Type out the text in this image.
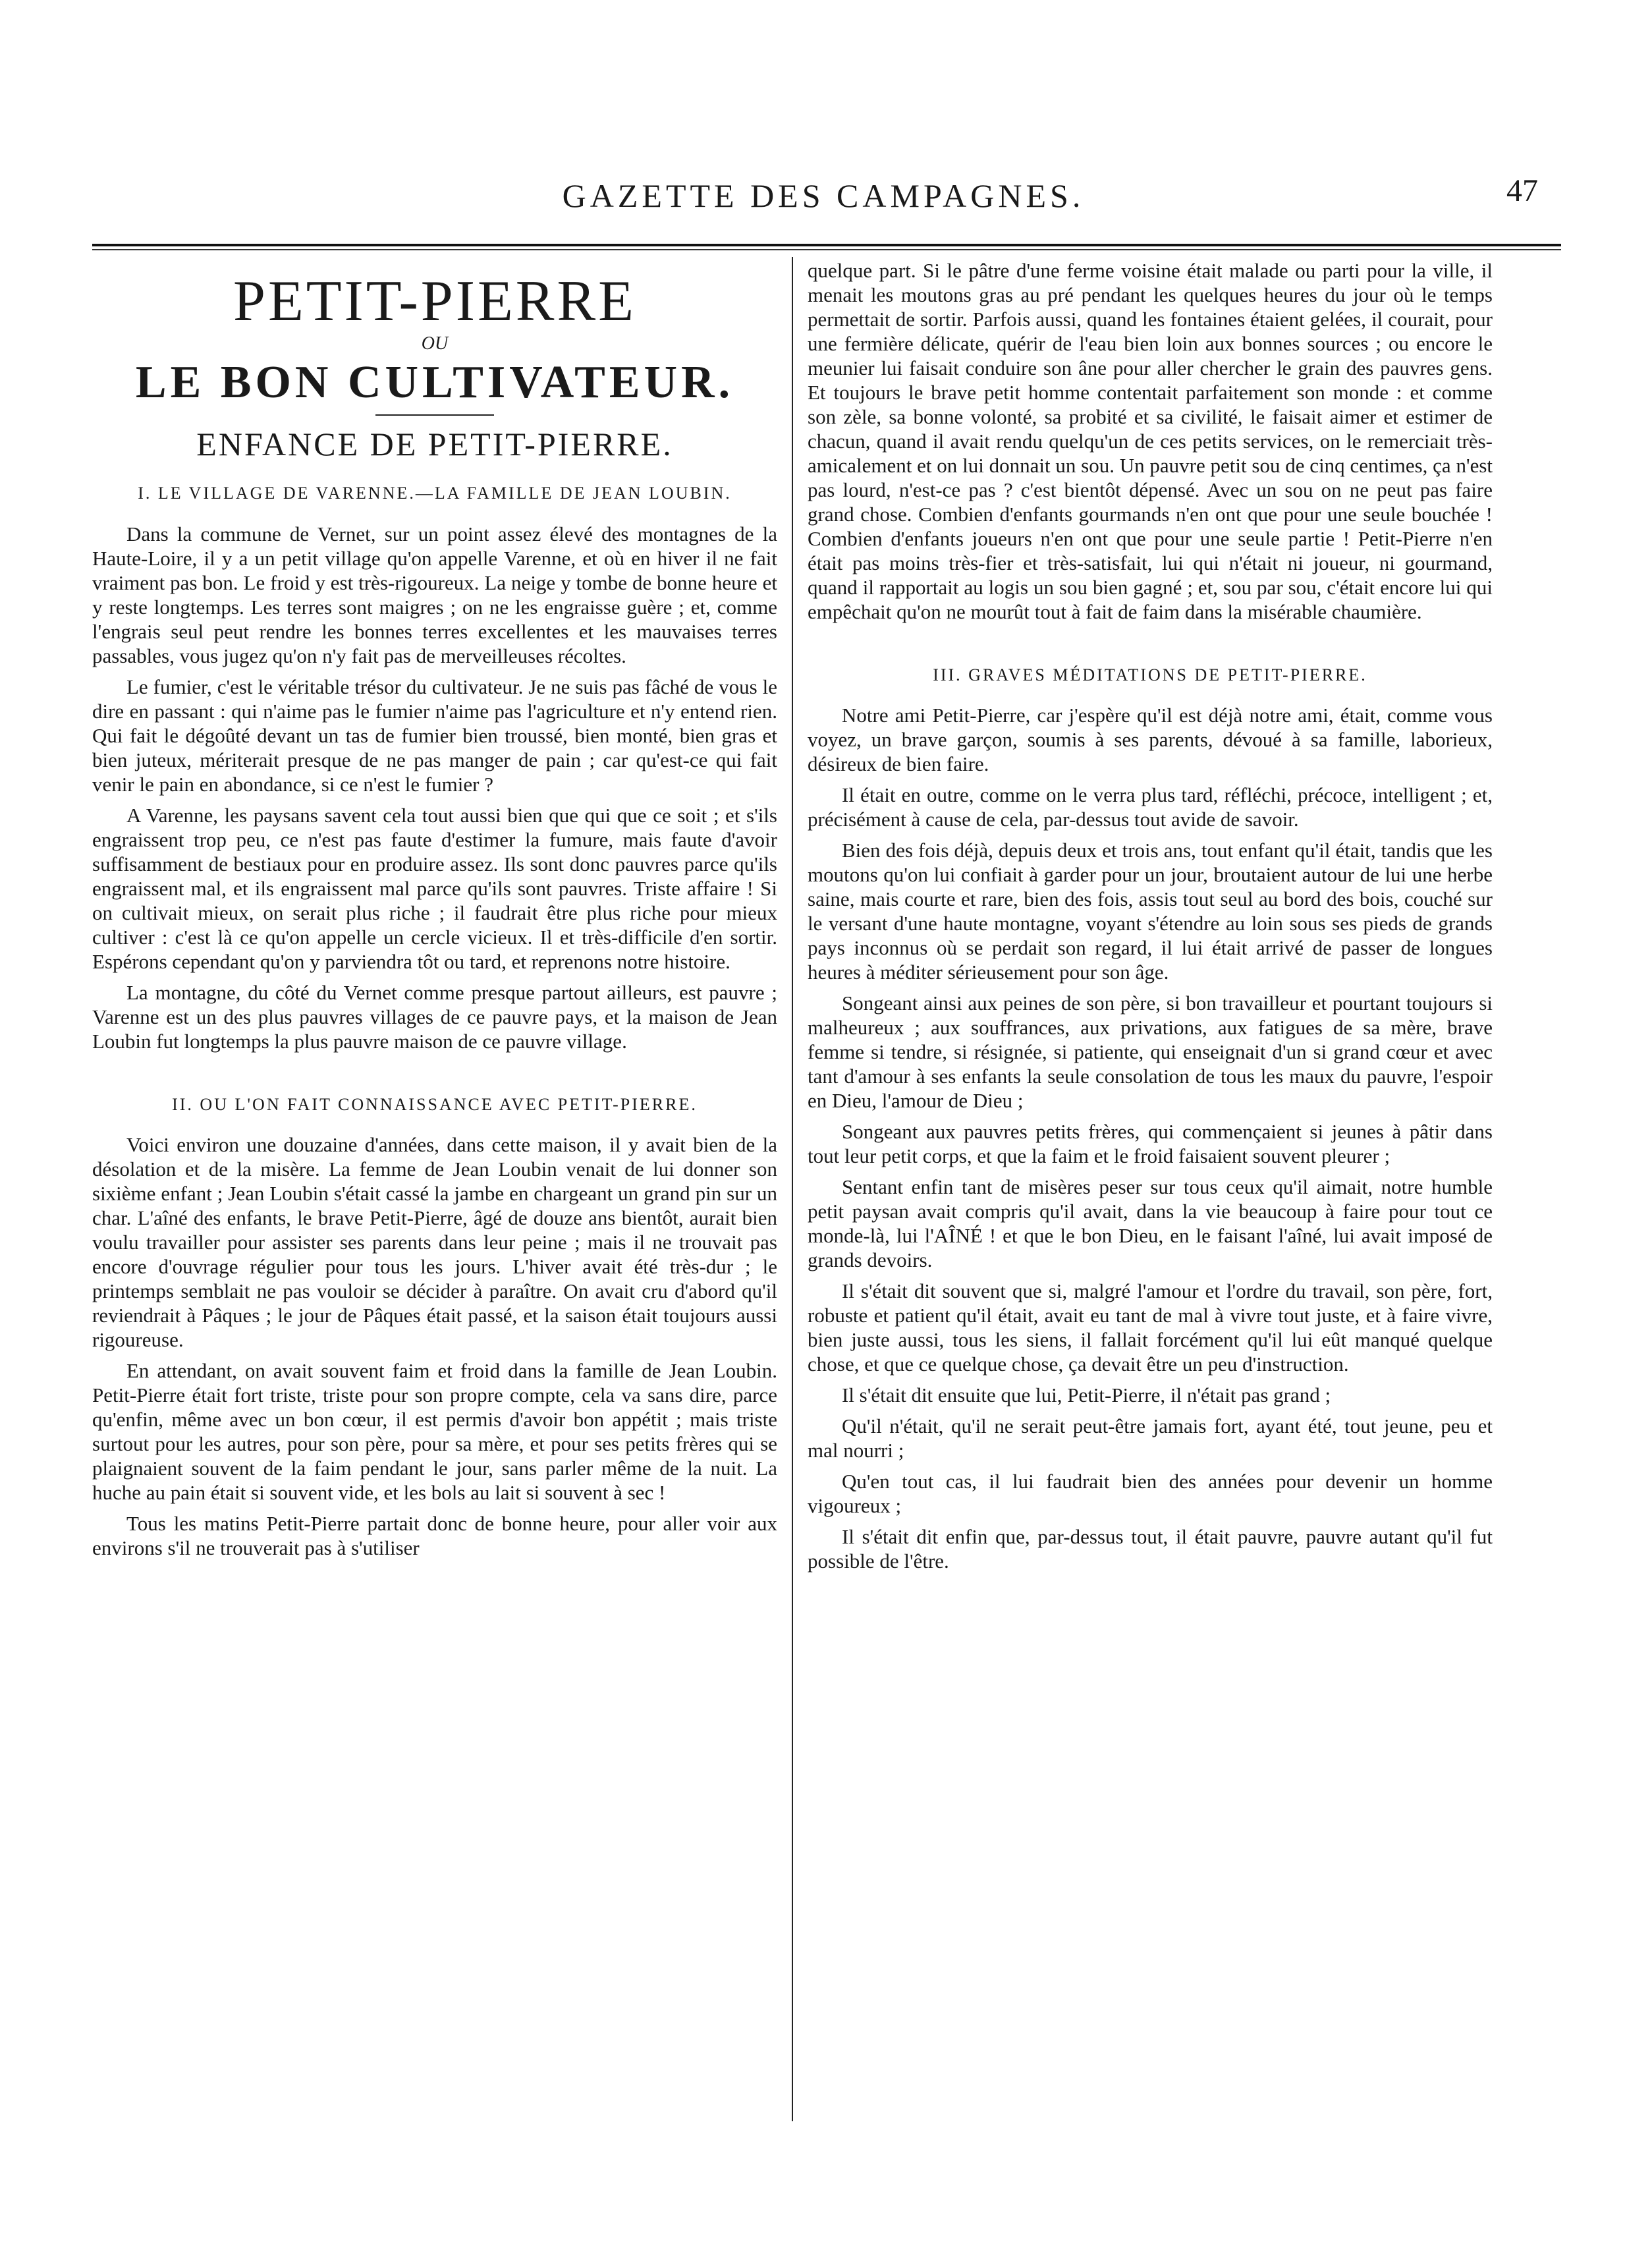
GAZETTE DES CAMPAGNES.	47
PETIT-PIERRE
OU
LE BON CULTIVATEUR.
ENFANCE DE PETIT-PIERRE.
I. LE VILLAGE DE VARENNE.—LA FAMILLE DE JEAN LOUBIN.

Dans la commune de Vernet, sur un point assez élevé des montagnes de la Haute-Loire, il y a un petit village qu'on appelle Varenne, et où en hiver il ne fait vraiment pas bon. Le froid y est très-rigoureux. La neige y tombe de bonne heure et y reste longtemps. Les terres sont maigres ; on ne les engraisse guère ; et, comme l'engrais seul peut rendre les bonnes terres excellentes et les mauvaises terres passables, vous jugez qu'on n'y fait pas de merveilleuses récoltes.

Le fumier, c'est le véritable trésor du cultivateur. Je ne suis pas fâché de vous le dire en passant : qui n'aime pas le fumier n'aime pas l'agriculture et n'y entend rien. Qui fait le dégoûté devant un tas de fumier bien troussé, bien monté, bien gras et bien juteux, mériterait presque de ne pas manger de pain ; car qu'est-ce qui fait venir le pain en abondance, si ce n'est le fumier ?

A Varenne, les paysans savent cela tout aussi bien que qui que ce soit ; et s'ils engraissent trop peu, ce n'est pas faute d'estimer la fumure, mais faute d'avoir suffisamment de bestiaux pour en produire assez. Ils sont donc pauvres parce qu'ils engraissent mal, et ils engraissent mal parce qu'ils sont pauvres. Triste affaire ! Si on cultivait mieux, on serait plus riche ; il faudrait être plus riche pour mieux cultiver : c'est là ce qu'on appelle un cercle vicieux. Il et très-difficile d'en sortir. Espérons cependant qu'on y parviendra tôt ou tard, et reprenons notre histoire.

La montagne, du côté du Vernet comme presque partout ailleurs, est pauvre ; Varenne est un des plus pauvres villages de ce pauvre pays, et la maison de Jean Loubin fut longtemps la plus pauvre maison de ce pauvre village.

II. OU L'ON FAIT CONNAISSANCE AVEC PETIT-PIERRE.

Voici environ une douzaine d'années, dans cette maison, il y avait bien de la désolation et de la misère. La femme de Jean Loubin venait de lui donner son sixième enfant ; Jean Loubin s'était cassé la jambe en chargeant un grand pin sur un char. L'aîné des enfants, le brave Petit-Pierre, âgé de douze ans bientôt, aurait bien voulu travailler pour assister ses parents dans leur peine ; mais il ne trouvait pas encore d'ouvrage régulier pour tous les jours. L'hiver avait été très-dur ; le printemps semblait ne pas vouloir se décider à paraître. On avait cru d'abord qu'il reviendrait à Pâques ; le jour de Pâques était passé, et la saison était toujours aussi rigoureuse.

En attendant, on avait souvent faim et froid dans la famille de Jean Loubin. Petit-Pierre était fort triste, triste pour son propre compte, cela va sans dire, parce qu'enfin, même avec un bon cœur, il est permis d'avoir bon appétit ; mais triste surtout pour les autres, pour son père, pour sa mère, et pour ses petits frères qui se plaignaient souvent de la faim pendant le jour, sans parler même de la nuit. La huche au pain était si souvent vide, et les bols au lait si souvent à sec !

Tous les matins Petit-Pierre partait donc de bonne heure, pour aller voir aux environs s'il ne trouverait pas à s'utiliser

quelque part. Si le pâtre d'une ferme voisine était malade ou parti pour la ville, il menait les moutons gras au pré pendant les quelques heures du jour où le temps permettait de sortir. Parfois aussi, quand les fontaines étaient gelées, il courait, pour une fermière délicate, quérir de l'eau bien loin aux bonnes sources ; ou encore le meunier lui faisait conduire son âne pour aller chercher le grain des pauvres gens. Et toujours le brave petit homme contentait parfaitement son monde : et comme son zèle, sa bonne volonté, sa probité et sa civilité, le faisait aimer et estimer de chacun, quand il avait rendu quelqu'un de ces petits services, on le remerciait très-amicalement et on lui donnait un sou. Un pauvre petit sou de cinq centimes, ça n'est pas lourd, n'est-ce pas ? c'est bientôt dépensé. Avec un sou on ne peut pas faire grand chose. Combien d'enfants gourmands n'en ont que pour une seule bouchée ! Combien d'enfants joueurs n'en ont que pour une seule partie ! Petit-Pierre n'en était pas moins très-fier et très-satisfait, lui qui n'était ni joueur, ni gourmand, quand il rapportait au logis un sou bien gagné ; et, sou par sou, c'était encore lui qui empêchait qu'on ne mourût tout à fait de faim dans la misérable chaumière.

III. GRAVES MÉDITATIONS DE PETIT-PIERRE.

Notre ami Petit-Pierre, car j'espère qu'il est déjà notre ami, était, comme vous voyez, un brave garçon, soumis à ses parents, dévoué à sa famille, laborieux, désireux de bien faire.

Il était en outre, comme on le verra plus tard, réfléchi, précoce, intelligent ; et, précisément à cause de cela, par-dessus tout avide de savoir.

Bien des fois déjà, depuis deux et trois ans, tout enfant qu'il était, tandis que les moutons qu'on lui confiait à garder pour un jour, broutaient autour de lui une herbe saine, mais courte et rare, bien des fois, assis tout seul au bord des bois, couché sur le versant d'une haute montagne, voyant s'étendre au loin sous ses pieds de grands pays inconnus où se perdait son regard, il lui était arrivé de passer de longues heures à méditer sérieusement pour son âge.

Songeant ainsi aux peines de son père, si bon travailleur et pourtant toujours si malheureux ; aux souffrances, aux privations, aux fatigues de sa mère, brave femme si tendre, si résignée, si patiente, qui enseignait d'un si grand cœur et avec tant d'amour à ses enfants la seule consolation de tous les maux du pauvre, l'espoir en Dieu, l'amour de Dieu ;

Songeant aux pauvres petits frères, qui commençaient si jeunes à pâtir dans tout leur petit corps, et que la faim et le froid faisaient souvent pleurer ;

Sentant enfin tant de misères peser sur tous ceux qu'il aimait, notre humble petit paysan avait compris qu'il avait, dans la vie beaucoup à faire pour tout ce monde-là, lui l'AÎNÉ ! et que le bon Dieu, en le faisant l'aîné, lui avait imposé de grands devoirs.

Il s'était dit souvent que si, malgré l'amour et l'ordre du travail, son père, fort, robuste et patient qu'il était, avait eu tant de mal à vivre tout juste, et à faire vivre, bien juste aussi, tous les siens, il fallait forcément qu'il lui eût manqué quelque chose, et que ce quelque chose, ça devait être un peu d'instruction.

Il s'était dit ensuite que lui, Petit-Pierre, il n'était pas grand ;

Qu'il n'était, qu'il ne serait peut-être jamais fort, ayant été, tout jeune, peu et mal nourri ;

Qu'en tout cas, il lui faudrait bien des années pour devenir un homme vigoureux ;

Il s'était dit enfin que, par-dessus tout, il était pauvre, pauvre autant qu'il fut possible de l'être.
